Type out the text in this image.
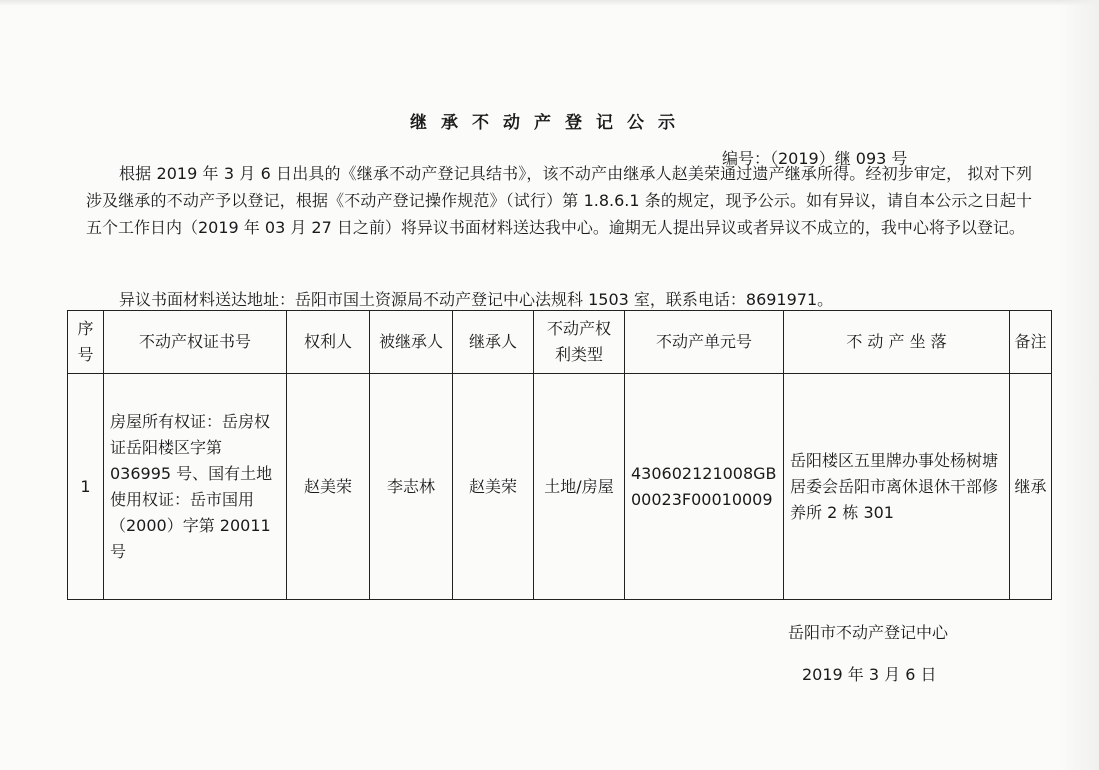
继承不动产登记公示
编号：（2019）继 093 号
根据 2019 年 3 月 6 日出具的《继承不动产登记具结书》，该不动产由继承人赵美荣通过遗产继承所得。经初步审定， 拟对下列涉及继承的不动产予以登记，根据《不动产登记操作规范》（试行）第 1.8.6.1 条的规定，现予公示。如有异议，请自本公示之日起十五个工作日内（2019 年 03 月 27 日之前）将异议书面材料送达我中心。逾期无人提出异议或者异议不成立的，我中心将予以登记。
异议书面材料送达地址：岳阳市国土资源局不动产登记中心法规科 1503 室，联系电话：8691971。
序号	不动产权证书号	权利人	被继承人	继承人	不动产权利类型	不动产单元号	不 动 产 坐 落	备注
1	房屋所有权证：岳房权证岳阳楼区字第 036995 号、国有土地使用权证：岳市国用（2000）字第 20011 号	赵美荣	李志林	赵美荣	土地/房屋	430602121008GB00023F00010009	岳阳楼区五里牌办事处杨树塘居委会岳阳市离休退休干部修养所 2 栋 301	继承
岳阳市不动产登记中心
2019 年 3 月 6 日
